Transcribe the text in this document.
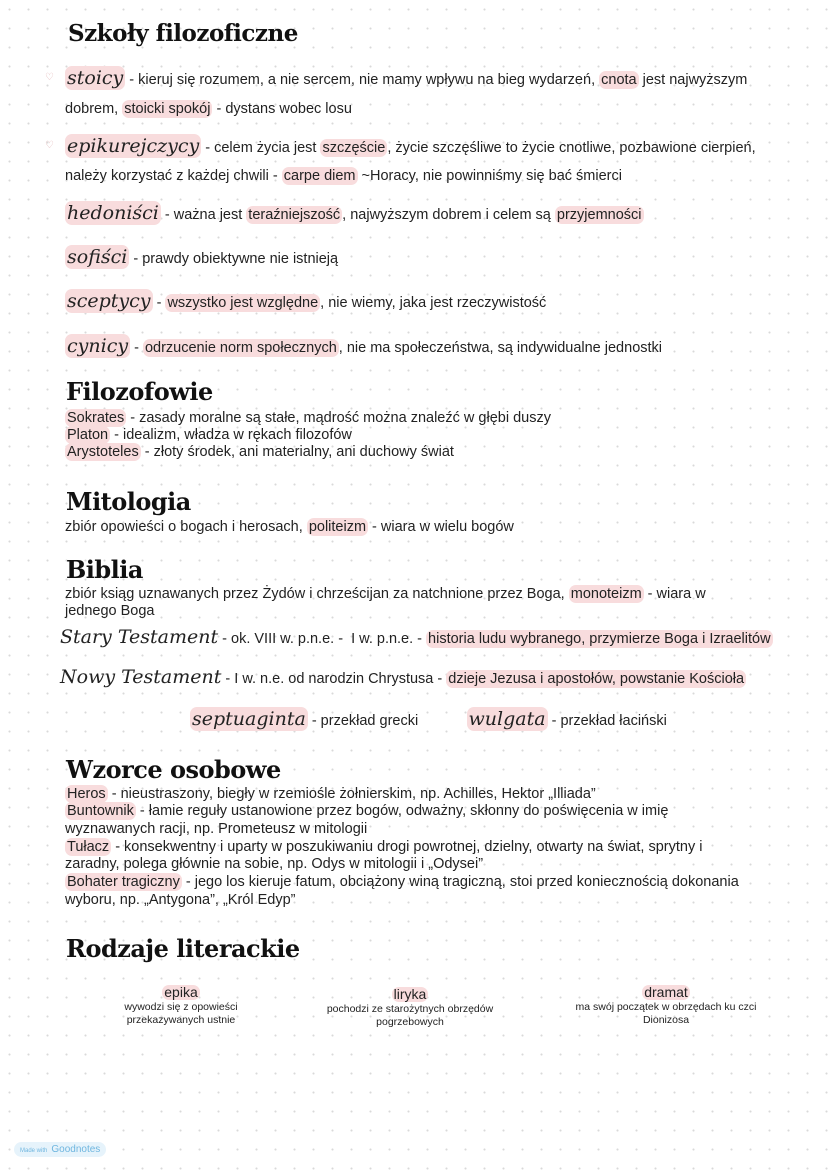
Szkoły filozoficzne
♡
♡
stoicy - kieruj się rozumem, a nie sercem, nie mamy wpływu na bieg wydarzeń, cnota jest najwyższym
dobrem, stoicki spokój - dystans wobec losu
epikurejczycy - celem życia jest szczęście , życie szczęśliwe to życie cnotliwe, pozbawione cierpień,
należy korzystać z każdej chwili - carpe diem ~Horacy, nie powinniśmy się bać śmierci
hedoniści - ważna jest teraźniejszość , najwyższym dobrem i celem są przyjemności
sofiści - prawdy obiektywne nie istnieją
sceptycy - wszystko jest względne , nie wiemy, jaka jest rzeczywistość
cynicy - odrzucenie norm społecznych , nie ma społeczeństwa, są indywidualne jednostki
Filozofowie
Sokrates - zasady moralne są stałe, mądrość można znaleźć w głębi duszy
Platon - idealizm, władza w rękach filozofów
Arystoteles - złoty środek, ani materialny, ani duchowy świat
Mitologia
zbiór opowieści o bogach i herosach, politeizm - wiara w wielu bogów
Biblia
zbiór ksiąg uznawanych przez Żydów i chrześcijan za natchnione przez Boga, monoteizm - wiara w
jednego Boga
Stary Testament - ok. VIII w. p.n.e. -  I w. p.n.e. - historia ludu wybranego, przymierze Boga i Izraelitów
Nowy Testament - I w. n.e. od narodzin Chrystusa - dzieje Jezusa i apostołów, powstanie Kościoła
septuaginta - przekład grecki	wulgata - przekład łaciński
Wzorce osobowe
Heros - nieustraszony, biegły w rzemiośle żołnierskim, np. Achilles, Hektor „Illiada”
Buntownik - łamie reguły ustanowione przez bogów, odważny, skłonny do poświęcenia w imię
wyznawanych racji, np. Prometeusz w mitologii
Tułacz - konsekwentny i uparty w poszukiwaniu drogi powrotnej, dzielny, otwarty na świat, sprytny i
zaradny, polega głównie na sobie, np. Odys w mitologii i „Odysei”
Bohater tragiczny - jego los kieruje fatum, obciążony winą tragiczną, stoi przed koniecznością dokonania
wyboru, np. „Antygona”, „Król Edyp”
Rodzaje literackie
epika
wywodzi się z opowieści
przekazywanych ustnie
liryka
pochodzi ze starożytnych obrzędów
pogrzebowych
dramat
ma swój początek w obrzędach ku czci
Dionizosa
Made with Goodnotes
